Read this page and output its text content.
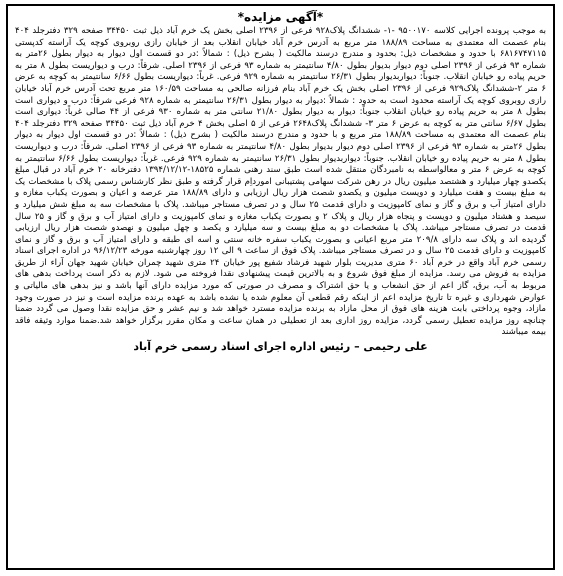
*آگهی مزایده*

به موجب پرونده اجرایی کلاسه ۹۵۰۰۱۷۰ -۱- ششدانگ پلاک۹۲۸ فرعی از ۲۳۹۶ اصلی بخش یک خرم آباد ذیل ثبت ۳۴۴۵۰ صفحه ۳۲۹ دفترجلد ۴۰۴ بنام عصمت اله معتمدی به مساحت ۱۸۸/۸۹ متر مربع به آدرس خرم آباد خیابان انقلاب بعد از خیابان رازی روبروی کوچه یک آراسته کدپستی ۶۸۱۶۷۴۷۱۱۵ با حدود و مشخصات ذیل: بحدود و مندرج درسند مالکیت ( بشرح ذیل) : شمالاً :در دو قسمت اول دیوار به دیوار بطول ۲۶متر به شماره ۹۳ فرعی از ۲۳۹۶ اصلی دوم دیوار بدیوار بطول ۴/۸۰ سانتیمتر به شماره ۹۳ فرعی از ۲۳۹۶ اصلی. شرقاً: درب و دیواریست بطول ۸ متر به حریم پیاده رو خیابان انقلاب. جنوباً: دیواربدیوار بطول ۲۶/۳۱ سانتیمتر به شماره ۹۲۹ فرعی. غرباً: دیواریست بطول ۶/۶۶ سانتیمتر به کوچه به عرض ۶ متر ۲-ششدانگ پلاک۹۲۹ فرعی از ۲۳۹۶ اصلی بخش یک خرم آباد بنام فرزانه صالحی به مساحت ۱۶۰/۵۹ متر مربع تحت آدرس خرم آباد خیابان رازی روبروی کوچه یک آراسته محدود است به حدود : شمالاً :دیوار به دیوار بطول ۲۶/۳۱ سانتیمتر به شماره ۹۲۸ فرعی شرقاً: درب و دیواری است بطول ۸ متر به حریم پیاده رو خیابان انقلاب جنوباً: دیوار به دیوار بطول ۲۱/۸۰ سانتی متر به شماره ۹۳۰ فرعی از ۴۴ صالی غرباً: دیواری است بطول ۶/۶۷ سانتی متر به کوچه به عرض ۶ متر ۳- ششدانگ پلاک۲۶۴۸ فرعی از ۵ اصلی بخش ۴ خرم آباد ذیل ثبت ۳۴۴۵۰ صفحه ۳۲۹ دفترجلد ۴۰۴ بنام عصمت اله معتمدی به مساحت ۱۸۸/۸۹ متر مربع و با حدود و مندرج درسند مالکیت ( بشرح ذیل) : شمالاً :در دو قسمت اول دیوار به دیوار بطول ۲۶متر به شماره ۹۳ فرعی از ۲۳۹۶ اصلی دوم دیوار بدیوار بطول ۴/۸۰ سانتیمتر به شماره ۹۳ فرعی از ۲۳۹۶ اصلی. شرقاً: درب و دیواریست بطول ۸ متر به حریم پیاده رو خیابان انقلاب. جنوباً: دیواربدیوار بطول ۲۶/۳۱ سانتیمتر به شماره ۹۲۹ فرعی. غرباً: دیواریست بطول ۶/۶۶ سانتیمتر به کوچه به عرض ۶ متر و معالواسطه به نامبردگان منتقل شده است طبق سند رهنی شماره ۱۸۵۲۵-۱۳۹۴/۱۲/۱۲ دفترخانه ۲۰ خرم آباد در قبال مبلغ یکصدو چهار میلیارد و هشتصد میلیون ریال در رهن شرکت سهامی پشتیبانی امورداِم قرار گرفته و طبق نظر کارشناس رسمی پلاک با مشخصات یک به مبلغ بیست و هفت میلیارد و دویست میلیون و یکصدو شصت هزار ریال ارزیابی و دارای ۱۸۸/۸۹ متر عرصه و اعیان و بصورت یکباب مغازه و دارای امتیاز آب و برق و گاز و نمای کامپوزیت و دارای قدمت ۲۵ سال و در تصرف مستاجر میباشد. پلاک با مشخصات سه به مبلغ شش میلیارد و سیصد و هشتاد میلیون و دویست و پنجاه هزار ریال و پلاک ۲ و بصورت یکباب مغازه و نمای کامپوزیت و دارای امتیاز آب و برق و گاز و ۲۵ سال قدمت در تصرف مستاجر میباشد. پلاک با مشخصات دو به مبلغ بیست و سه میلیارد و یکصد و چهل میلیون و نهصدو شصت هزار ریال ارزیابی گردیده اند و پلاک سه دارای ۲۰۹/۸ متر مربع اعیانی و بصورت یکباب سفره خانه سنتی و اسه ای طبقه و دارای امتیاز آب و برق و گاز و نمای کامپوزیت و دارای قدمت ۲۵ سال و در تصرف مستاجر میباشد. پلاک فوق از ساعت ۹ الی ۱۲ روز چهارشنبه مورخه ۹۶/۱۲/۲۳ در اداره اجرای اسناد رسمی خرم آباد واقع در خرم آباد ۶۰ متری مدیریت بلوار شهید فرشاد شفیع پور خیابان ۲۴ متری شهید چمران خیابان شهید جهان آراء از طریق مزایده به فروش می رسد. مزایده از مبلغ فوق شروع و به بالاترین قیمت پیشنهادی نقدا فروخته می شود. لازم به ذکر است پرداخت بدهی های مربوط به آب، برق، گاز اعم از حق انشعاب و یا حق اشتراک و مصرف در صورتی که مورد مزایده دارای آنها باشد و نیز بدهی های مالیاتی و عوارض شهرداری و غیره تا تاریخ مزایده اعم از اینکه رقم قطعی آن معلوم شده یا نشده باشد به عهده برنده مزایده است و نیز در صورت وجود مازاد، وجوه پرداختی بابت هزینه های فوق از محل مازاد به برنده مزایده مسترد خواهد شد و نیم عشر و حق مزایده نقدا وصول می گردد ضمنا چنانچه روز مزایده تعطیل رسمی گردد، مزایده روز اداری بعد از تعطیلی در همان ساعت و مکان مقرر برگزار خواهد شد.ضمنا موارد وثیقه فاقد بیمه میباشند

علی رحیمی – رئیس اداره اجرای اسناد رسمی خرم آباد
